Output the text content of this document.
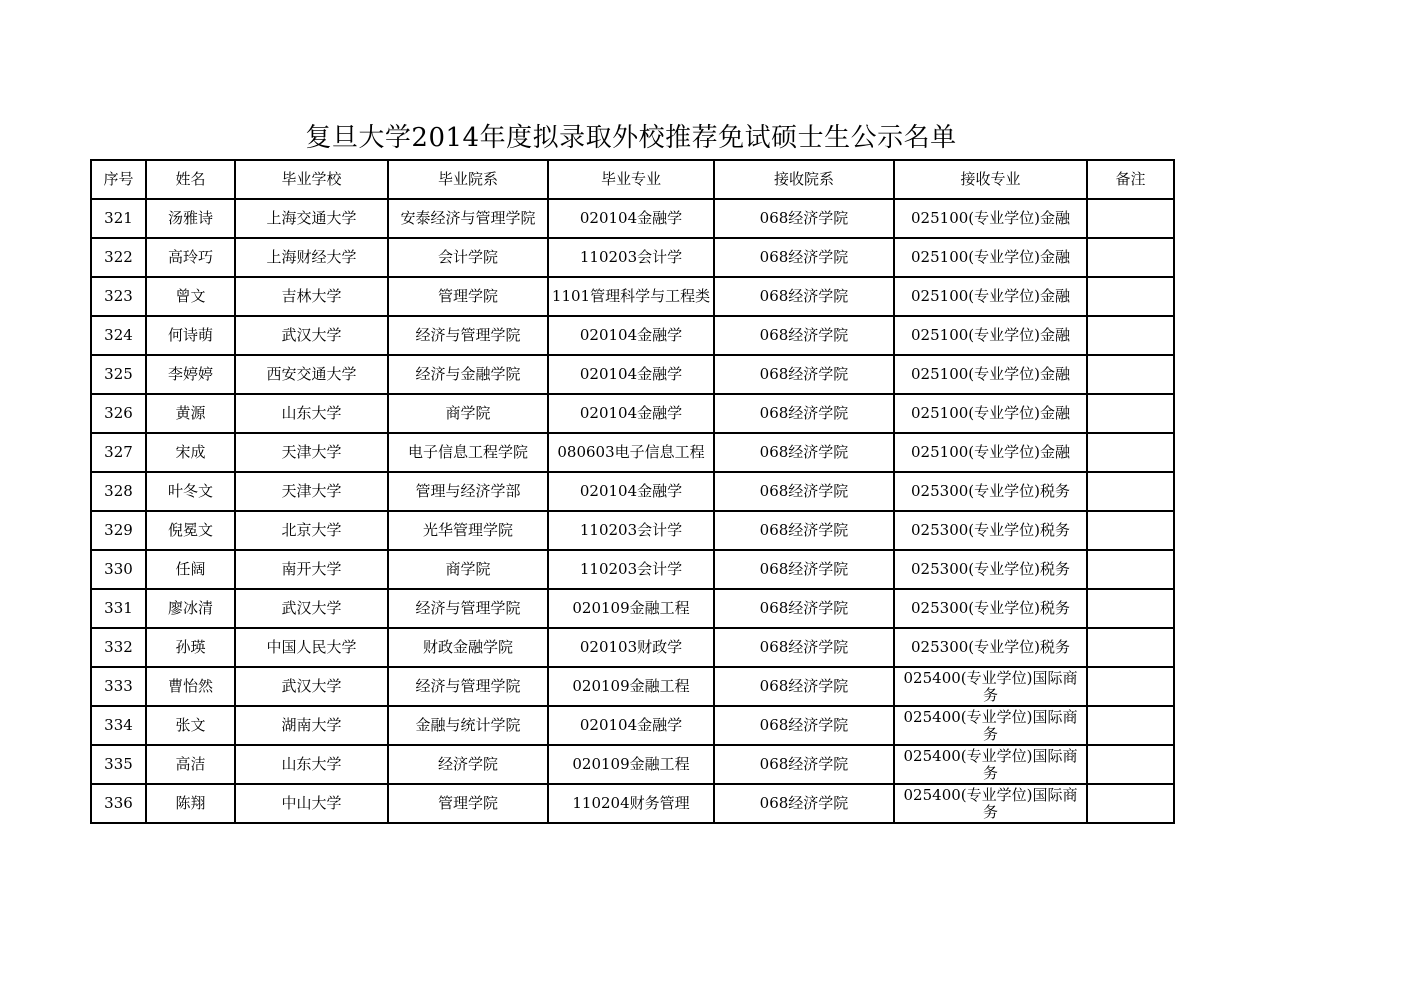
复旦大学2014年度拟录取外校推荐免试硕士生公示名单
序号	姓名	毕业学校	毕业院系	毕业专业	接收院系	接收专业	备注
321	汤雅诗	上海交通大学	安泰经济与管理学院	020104金融学	068经济学院	025100(专业学位)金融	
322	高玲巧	上海财经大学	会计学院	110203会计学	068经济学院	025100(专业学位)金融	
323	曾文	吉林大学	管理学院	1101管理科学与工程类	068经济学院	025100(专业学位)金融	
324	何诗萌	武汉大学	经济与管理学院	020104金融学	068经济学院	025100(专业学位)金融	
325	李婷婷	西安交通大学	经济与金融学院	020104金融学	068经济学院	025100(专业学位)金融	
326	黄源	山东大学	商学院	020104金融学	068经济学院	025100(专业学位)金融	
327	宋成	天津大学	电子信息工程学院	080603电子信息工程	068经济学院	025100(专业学位)金融	
328	叶冬文	天津大学	管理与经济学部	020104金融学	068经济学院	025300(专业学位)税务	
329	倪冕文	北京大学	光华管理学院	110203会计学	068经济学院	025300(专业学位)税务	
330	任阔	南开大学	商学院	110203会计学	068经济学院	025300(专业学位)税务	
331	廖冰清	武汉大学	经济与管理学院	020109金融工程	068经济学院	025300(专业学位)税务	
332	孙瑛	中国人民大学	财政金融学院	020103财政学	068经济学院	025300(专业学位)税务	
333	曹怡然	武汉大学	经济与管理学院	020109金融工程	068经济学院	025400(专业学位)国际商务	
334	张文	湖南大学	金融与统计学院	020104金融学	068经济学院	025400(专业学位)国际商务	
335	高洁	山东大学	经济学院	020109金融工程	068经济学院	025400(专业学位)国际商务	
336	陈翔	中山大学	管理学院	110204财务管理	068经济学院	025400(专业学位)国际商务	
